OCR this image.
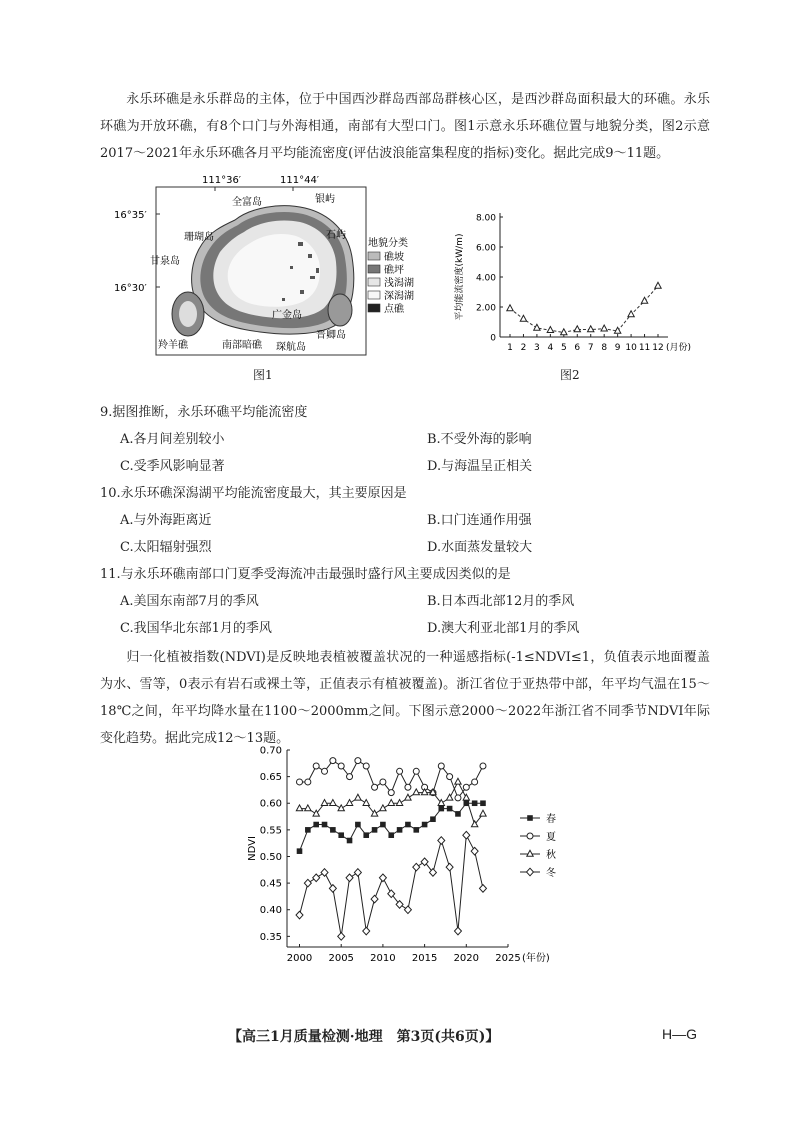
永乐环礁是永乐群岛的主体，位于中国西沙群岛西部岛群核心区，是西沙群岛面积最大的环礁。永乐环礁为开放环礁，有8个口门与外海相通，南部有大型口门。图1示意永乐环礁位置与地貌分类，图2示意2017～2021年永乐环礁各月平均能流密度(评估波浪能富集程度的指标)变化。据此完成9～11题。
111°36′	111°44′
16°35′
16°30′
全富岛	银屿
石屿
珊瑚岛
甘泉岛
广金岛
晋卿岛
羚羊礁	南部暗礁 琛航岛
地貌分类
礁坡
礁坪
浅潟湖
深潟湖
点礁
图1
0
2.00
4.00
6.00
8.00
1 2 3 4 5 6 7 8 9 10 11 12 (月份)
平均能流密度(kW/m)
图2
9.据图推断，永乐环礁平均能流密度
A.各月间差别较小	B.不受外海的影响
C.受季风影响显著	D.与海温呈正相关
10.永乐环礁深潟湖平均能流密度最大，其主要原因是
A.与外海距离近	B.口门连通作用强
C.太阳辐射强烈	D.水面蒸发量较大
11.与永乐环礁南部口门夏季受海流冲击最强时盛行风主要成因类似的是
A.美国东南部7月的季风	B.日本西北部12月的季风
C.我国华北东部1月的季风	D.澳大利亚北部1月的季风
归一化植被指数(NDVI)是反映地表植被覆盖状况的一种遥感指标(-1≤NDVI≤1，负值表示地面覆盖为水、雪等，0表示有岩石或裸土等，正值表示有植被覆盖)。浙江省位于亚热带中部，年平均气温在15～18℃之间，年平均降水量在1100～2000mm之间。下图示意2000～2022年浙江省不同季节NDVI年际变化趋势。据此完成12～13题。
0.35
0.40
0.45
0.50
0.55
0.60
0.65
0.70
2000 2005 2010 2015 2020 2025 (年份)
NDVI
春
夏
秋
冬
【高三1月质量检测·地理　第3页(共6页)】	H—G
